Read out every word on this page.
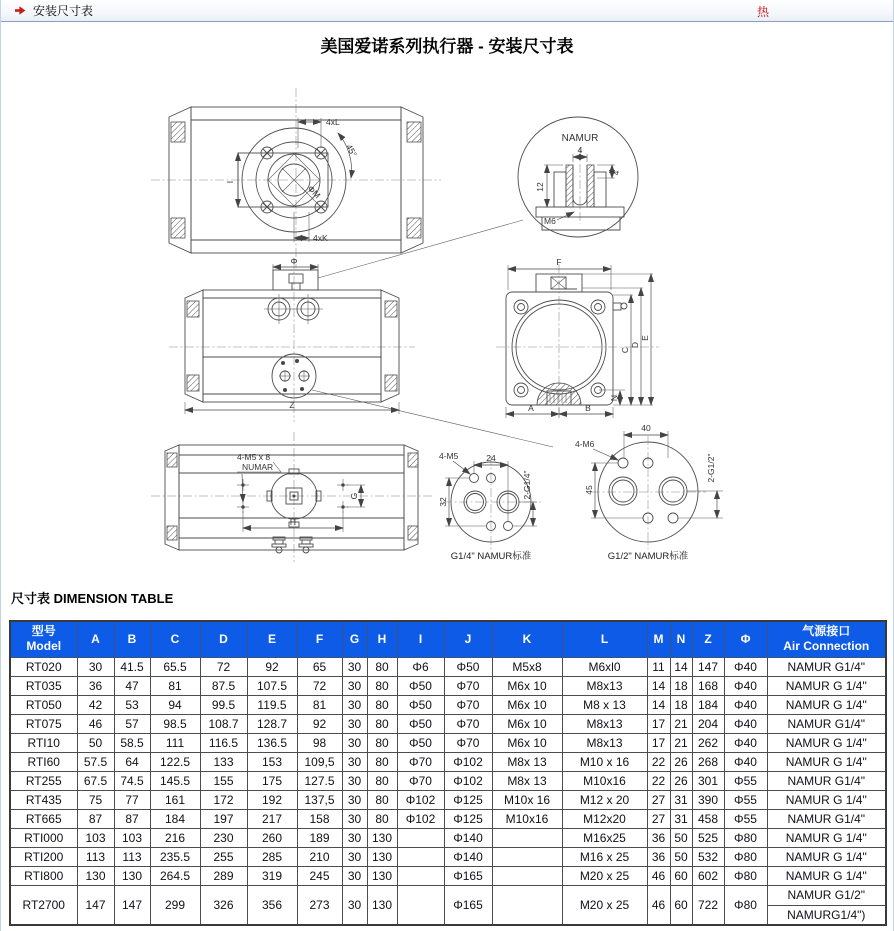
安装尺寸表	热
美国爱诺系列执行器 - 安装尺寸表
4xL
45°
ΦM
4xK
I
NAMUR
4
12
4
M6
Φ
Z
F
A	B
N
C
D
E
4-M5 x 8
NUMAR
G
H
24
4-M5
32
2-G1/4"
G1/4" NAMUR标准
40
4-M6
45
2-G1/2"
G1/2" NAMUR标准
尺寸表 DIMENSION TABLE
型号
Model
	A	B	C	D	E	F	G	H	I	J	K	L	M	N	Z	Φ	
气源接口
Air Connection

RT020	30	41.5	65.5	72	92	65	30	80	Φ6	Φ50	M5x8	M6xl0	11	14	147	Φ40	NAMUR G1/4"
RT035	36	47	81	87.5	107.5	72	30	80	Φ50	Φ70	M6x 10	M8x13	14	18	168	Φ40	NAMUR G 1/4"
RT050	42	53	94	99.5	119.5	81	30	80	Φ50	Φ70	M6x 10	M8 x 13	14	18	184	Φ40	NAMUR G 1/4"
RT075	46	57	98.5	108.7	128.7	92	30	80	Φ50	Φ70	M6x 10	M8x13	17	21	204	Φ40	NAMUR G1/4"
RTI10	50	58.5	111	116.5	136.5	98	30	80	Φ50	Φ70	M6x 10	M8x13	17	21	262	Φ40	NAMUR G 1/4"
RTI60	57.5	64	122.5	133	153	109,5	30	80	Φ70	Φ102	M8x 13	M10 x 16	22	26	268	Φ40	NAMUR G 1/4"
RT255	67.5	74.5	145.5	155	175	127.5	30	80	Φ70	Φ102	M8x 13	M10x16	22	26	301	Φ55	NAMUR G1/4"
RT435	75	77	161	172	192	137,5	30	80	Φ102	Φ125	M10x 16	M12 x 20	27	31	390	Φ55	NAMUR G 1/4"
RT665	87	87	184	197	217	158	30	80	Φ102	Φ125	M10x16	M12x20	27	31	458	Φ55	NAMUR G1/4"
RTI000	103	103	216	230	260	189	30	130		Φ140		M16x25	36	50	525	Φ80	NAMUR G 1/4"
RTI200	113	113	235.5	255	285	210	30	130		Φ140		M16 x 25	36	50	532	Φ80	NAMUR G 1/4"
RTI800	130	130	264.5	289	319	245	30	130		Φ165		M20 x 25	46	60	602	Φ80	NAMUR G 1/4"
RT2700	147	147	299	326	356	273	30	130		Φ165		M20 x 25	46	60	722	Φ80	NAMUR G1/2"
NAMURG1/4")
